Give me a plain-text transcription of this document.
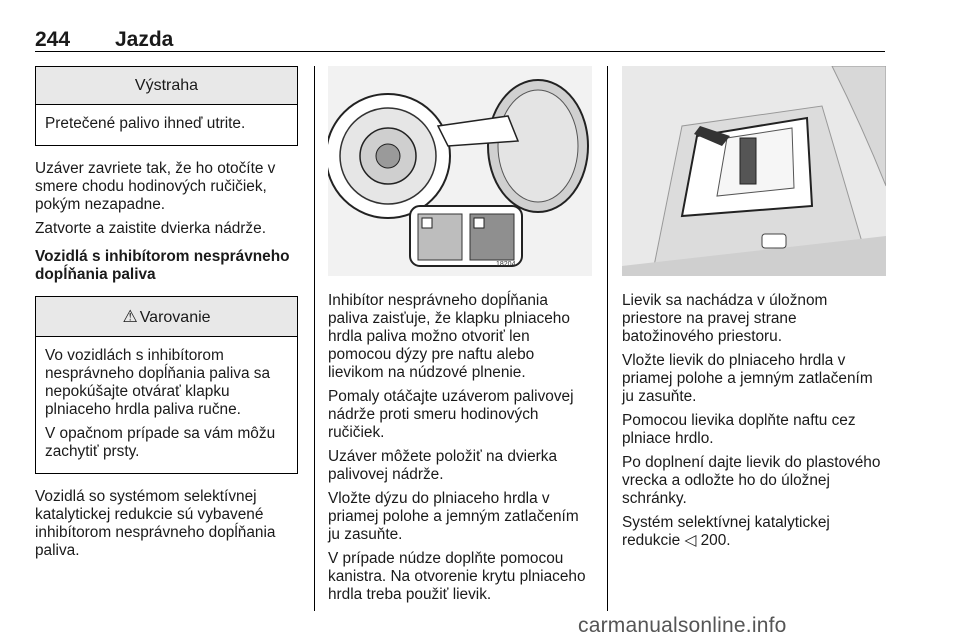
244 Jazda
Výstraha

Pretečené palivo ihneď utrite.

Uzáver zavriete tak, že ho otočíte v smere chodu hodinových ručičiek, pokým nezapadne.

Zatvorte a zaistite dvierka nádrže.

Vozidlá s inhibítorom nesprávneho dopĺňania paliva

⚠ Varovanie

Vo vozidlách s inhibítorom nesprávneho dopĺňania paliva sa nepokúšajte otvárať klapku plniaceho hrdla paliva ručne.

V opačnom prípade sa vám môžu zachytiť prsty.

Vozidlá so systémom selektívnej katalytickej redukcie sú vybavené inhibítorom nesprávneho dopĺňania paliva.

18204

Inhibítor nesprávneho dopĺňania paliva zaisťuje, že klapku plniaceho hrdla paliva možno otvoriť len pomocou dýzy pre naftu alebo lievikom na núdzové plnenie.

Pomaly otáčajte uzáverom palivovej nádrže proti smeru hodinových ručičiek.

Uzáver môžete položiť na dvierka palivovej nádrže.

Vložte dýzu do plniaceho hrdla v priamej polohe a jemným zatlačením ju zasuňte.

V prípade núdze doplňte pomocou kanistra. Na otvorenie krytu plniaceho hrdla treba použiť lievik.

Lievik sa nachádza v úložnom priestore na pravej strane batožinového priestoru.

Vložte lievik do plniaceho hrdla v priamej polohe a jemným zatlačením ju zasuňte.

Pomocou lievika doplňte naftu cez plniace hrdlo.

Po doplnení dajte lievik do plastového vrecka a odložte ho do úložnej schránky.

Systém selektívnej katalytickej redukcie ◁ 200.

carmanualsonline.info
